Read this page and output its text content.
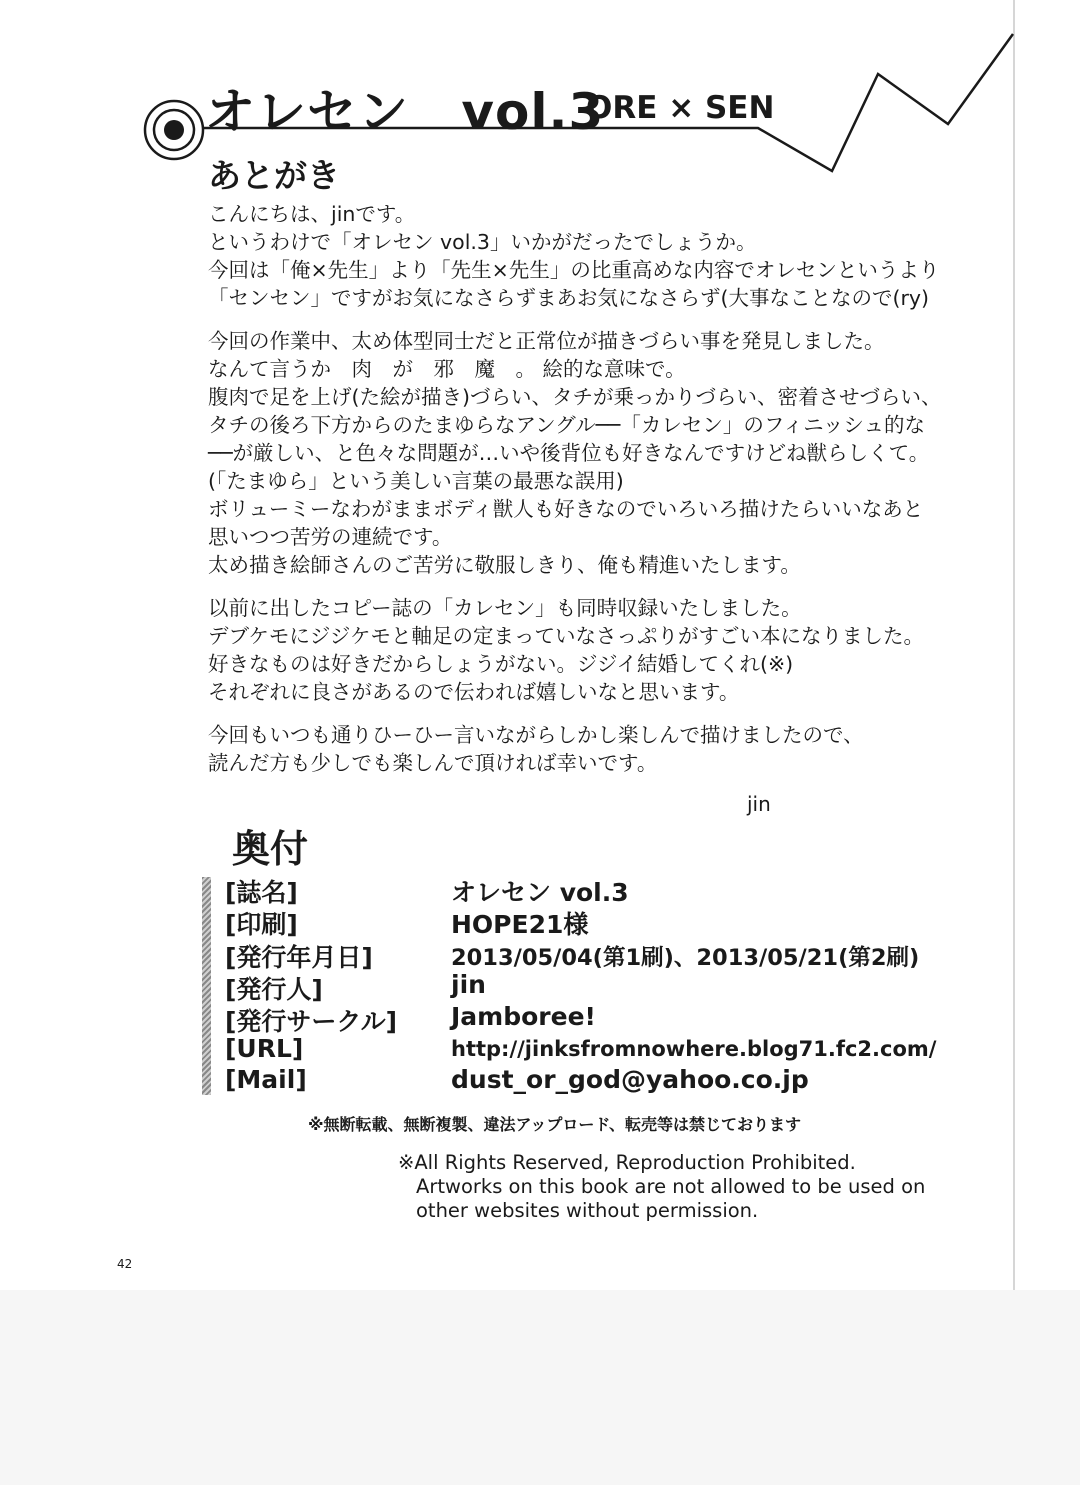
オレセン vol.3
ORE × SEN
あとがき
こんにちは、jinです。
というわけで「オレセン vol.3」いかがだったでしょうか。
今回は「俺×先生」より「先生×先生」の比重高めな内容でオレセンというより
「センセン」ですがお気になさらずまあお気になさらず(大事なことなので(ry)
今回の作業中、太め体型同士だと正常位が描きづらい事を発見しました。
なんて言うか　肉　が　邪　魔　。 絵的な意味で。
腹肉で足を上げ(た絵が描き)づらい、タチが乗っかりづらい、密着させづらい、
タチの後ろ下方からのたまゆらなアングル──「カレセン」のフィニッシュ的な
──が厳しい、と色々な問題が…いや後背位も好きなんですけどね獣らしくて。
(「たまゆら」という美しい言葉の最悪な誤用)
ボリューミーなわがままボディ獣人も好きなのでいろいろ描けたらいいなあと
思いつつ苦労の連続です。
太め描き絵師さんのご苦労に敬服しきり、俺も精進いたします。
以前に出したコピー誌の「カレセン」も同時収録いたしました。
デブケモにジジケモと軸足の定まっていなさっぷりがすごい本になりました。
好きなものは好きだからしょうがない。ジジイ結婚してくれ(※)
それぞれに良さがあるので伝われば嬉しいなと思います。
今回もいつも通りひーひー言いながらしかし楽しんで描けましたので、
読んだ方も少しでも楽しんで頂ければ幸いです。
jin
奥付
[誌名]	オレセン vol.3
[印刷]	HOPE21様
[発行年月日]	2013/05/04(第1刷)、2013/05/21(第2刷)
[発行人]	jin
[発行サークル] Jamboree!
[URL]	http://jinksfromnowhere.blog71.fc2.com/
[Mail]	dust_or_god@yahoo.co.jp
※無断転載、無断複製、違法アップロード、転売等は禁じております
※All Rights Reserved, Reproduction Prohibited.
Artworks on this book are not allowed to be used on
other websites without permission.
42
